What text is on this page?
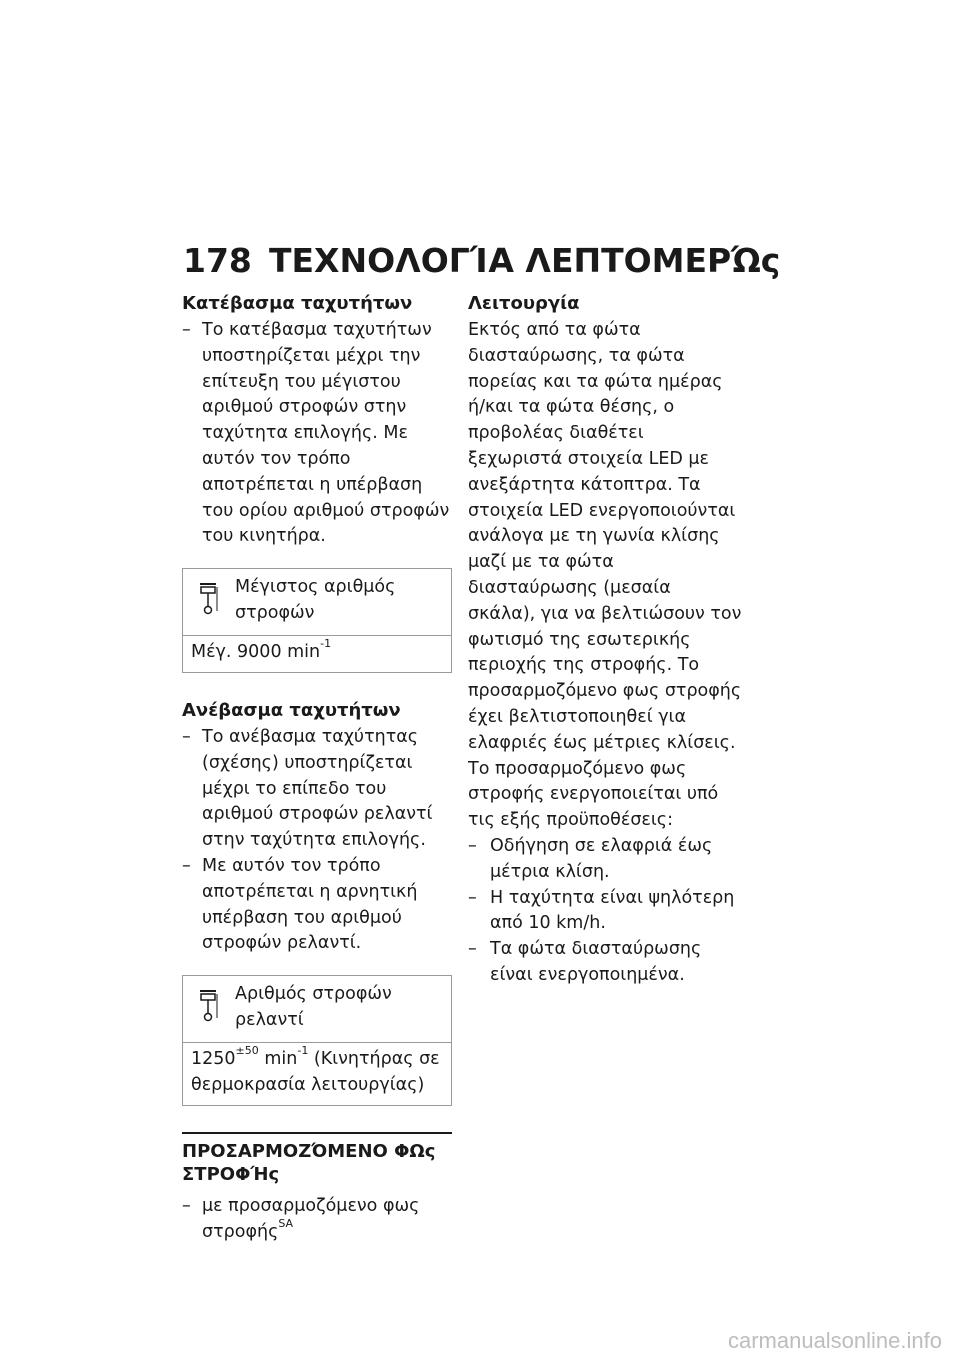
178 ΤΕΧΝΟΛΟΓΊΑ ΛΕΠΤΟΜΕΡΏς
Κατέβασμα ταχυτήτων
– Το κατέβασμα ταχυτήτων υποστηρίζεται μέχρι την επίτευξη του μέγιστου αριθμού στροφών στην ταχύτητα επιλογής. Με αυτόν τον τρόπο αποτρέπεται η υπέρβαση του ορίου αριθμού στροφών του κινητήρα.
Μέγιστος αριθμός στροφών
Μέγ. 9000 $\min^{-1}$
Ανέβασμα ταχυτήτων
– Το ανέβασμα ταχύτητας (σχέσης) υποστηρίζεται μέχρι το επίπεδο του αριθμού στροφών ρελαντί στην ταχύτητα επιλογής.
– Με αυτόν τον τρόπο αποτρέπεται η αρνητική υπέρβαση του αριθμού στροφών ρελαντί.
Αριθμός στροφών ρελαντί
$1250^{\pm 50}$ $\min^{-1} (K\iota\nu\eta\tau ή\rho\alpha\varsigma$ σε θερμοκρασία λειτουργίας)
ΠΡΟΣΑΡΜΟΖΌΜΕΝΟ ΦΩς ΣΤΡΟΦΉς
– με προσαρμοζόμενο φως στροφής$^{SA}$
Λειτουργία

Εκτός από τα φώτα διασταύρωσης, τα φώτα πορείας και τα φώτα ημέρας ή/και τα φώτα θέσης, ο προβολέας διαθέτει ξεχωριστά στοιχεία LED με ανεξάρτητα κάτοπτρα. Τα στοιχεία LED ενεργοποιούνται ανάλογα με τη γωνία κλίσης μαζί με τα φώτα διασταύρωσης (μεσαία σκάλα), για να βελτιώσουν τον φωτισμό της εσωτερικής περιοχής της στροφής. Το προσαρμοζόμενο φως στροφής έχει βελτιστοποιηθεί για ελαφριές έως μέτριες κλίσεις.

Το προσαρμοζόμενο φως στροφής ενεργοποιείται υπό τις εξής προϋποθέσεις:

– Οδήγηση σε ελαφριά έως μέτρια κλίση.
– Η ταχύτητα είναι ψηλότερη από 10 km/h.
– Τα φώτα διασταύρωσης είναι ενεργοποιημένα.
carmanualsonline.info
